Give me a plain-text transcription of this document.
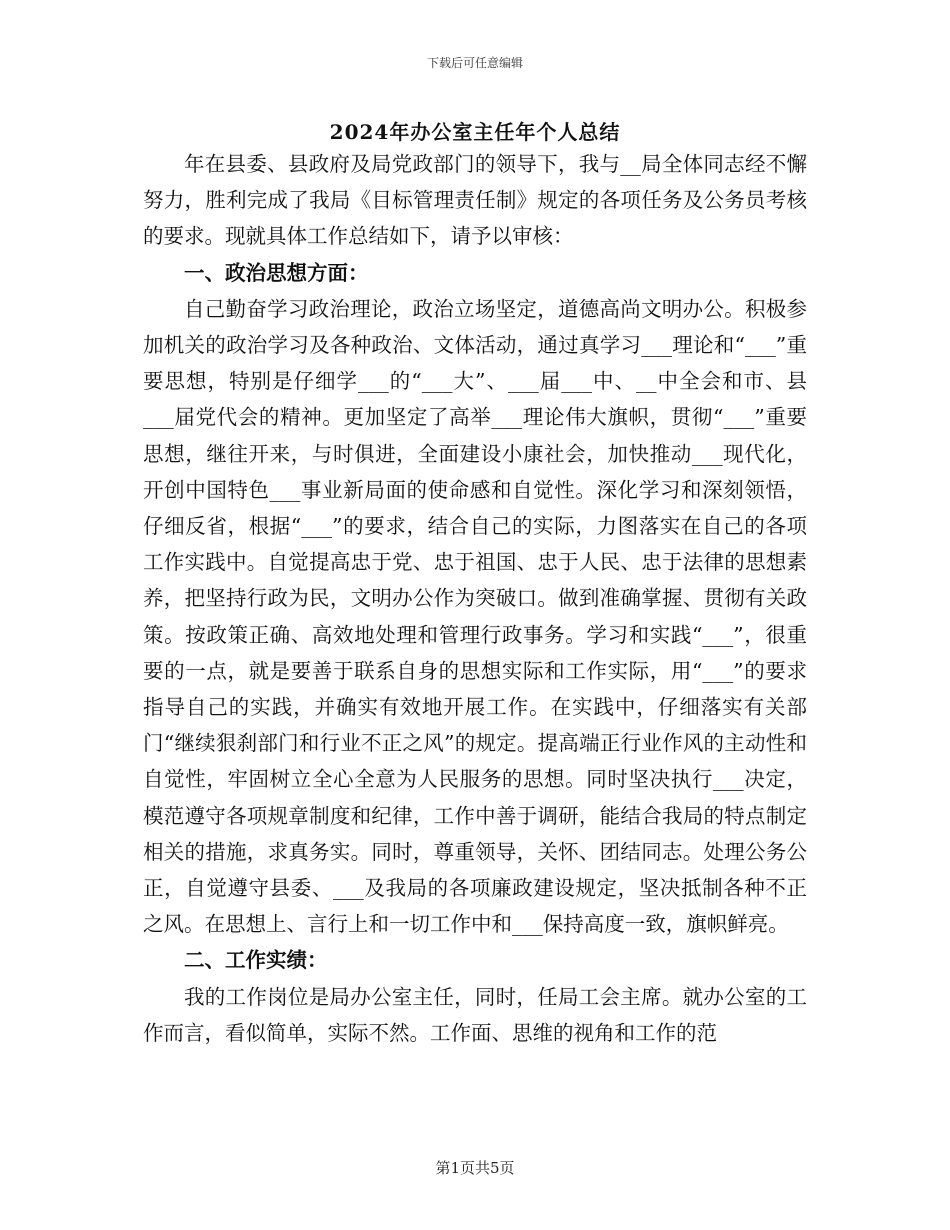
下载后可任意编辑
2024年办公室主任年个人总结

年在县委、县政府及局党政部门的领导下，我与__局全体同志经不懈努力，胜利完成了我局《目标管理责任制》规定的各项任务及公务员考核的要求。现就具体工作总结如下，请予以审核：

一、政治思想方面：

自己勤奋学习政治理论，政治立场坚定，道德高尚文明办公。积极参加机关的政治学习及各种政治、文体活动，通过真学习___理论和“___”重要思想，特别是仔细学___的“___大”、___届___中、__中全会和市、县___届党代会的精神。更加坚定了高举___理论伟大旗帜，贯彻“___”重要思想，继往开来，与时俱进，全面建设小康社会，加快推动___现代化，开创中国特色___事业新局面的使命感和自觉性。深化学习和深刻领悟，仔细反省，根据“___”的要求，结合自己的实际，力图落实在自己的各项工作实践中。自觉提高忠于党、忠于祖国、忠于人民、忠于法律的思想素养，把坚持行政为民，文明办公作为突破口。做到准确掌握、贯彻有关政策。按政策正确、高效地处理和管理行政事务。学习和实践“___”，很重要的一点，就是要善于联系自身的思想实际和工作实际，用“___”的要求指导自己的实践，并确实有效地开展工作。在实践中，仔细落实有关部门“继续狠刹部门和行业不正之风”的规定。提高端正行业作风的主动性和自觉性，牢固树立全心全意为人民服务的思想。同时坚决执行___决定，模范遵守各项规章制度和纪律，工作中善于调研，能结合我局的特点制定相关的措施，求真务实。同时，尊重领导，关怀、团结同志。处理公务公正，自觉遵守县委、___及我局的各项廉政建设规定，坚决抵制各种不正之风。在思想上、言行上和一切工作中和___保持高度一致，旗帜鲜亮。

二、工作实绩：

我的工作岗位是局办公室主任，同时，任局工会主席。就办公室的工作而言，看似简单，实际不然。工作面、思维的视角和工作的范

第1页共5页
